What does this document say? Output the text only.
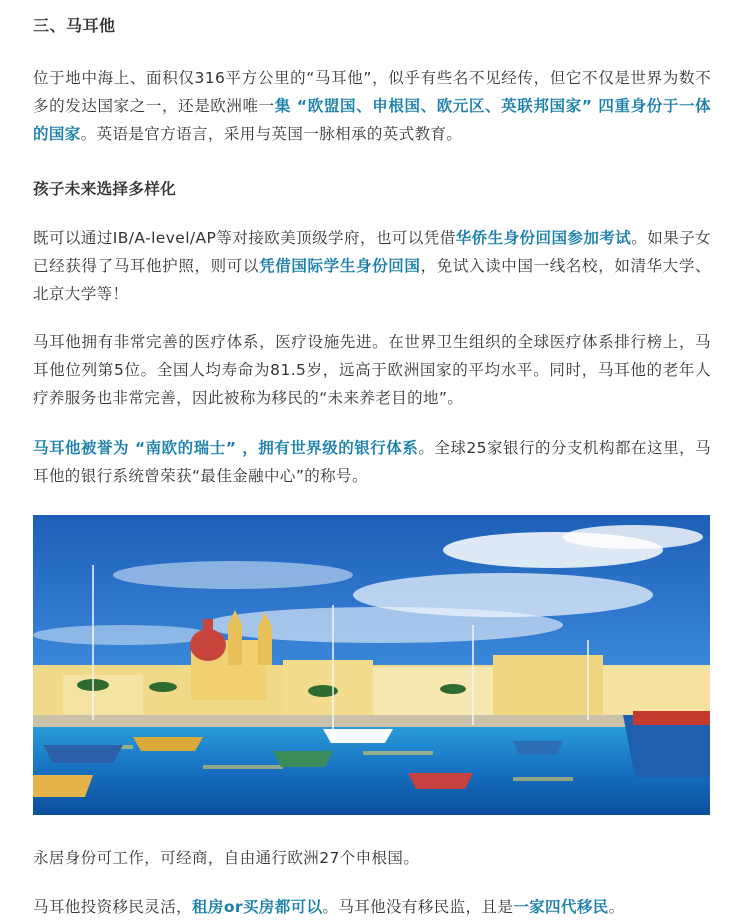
三、马耳他

位于地中海上、面积仅316平方公里的“马耳他”，似乎有些名不见经传，但它不仅是世界为数不多的发达国家之一，还是欧洲唯一集 “欧盟国、申根国、欧元区、英联邦国家” 四重身份于一体的国家。英语是官方语言，采用与英国一脉相承的英式教育。

孩子未来选择多样化

既可以通过IB/A-level/AP等对接欧美顶级学府，也可以凭借华侨生身份回国参加考试。如果子女已经获得了马耳他护照，则可以凭借国际学生身份回国，免试入读中国一线名校，如清华大学、北京大学等！

马耳他拥有非常完善的医疗体系，医疗设施先进。在世界卫生组织的全球医疗体系排行榜上，马耳他位列第5位。全国人均寿命为81.5岁，远高于欧洲国家的平均水平。同时，马耳他的老年人疗养服务也非常完善，因此被称为移民的“未来养老目的地”。

马耳他被誉为 “南欧的瑞士” ，拥有世界级的银行体系。全球25家银行的分支机构都在这里，马耳他的银行系统曾荣获“最佳金融中心”的称号。

永居身份可工作，可经商，自由通行欧洲27个申根国。

马耳他投资移民灵活，租房or买房都可以。马耳他没有移民监，且是一家四代移民。
